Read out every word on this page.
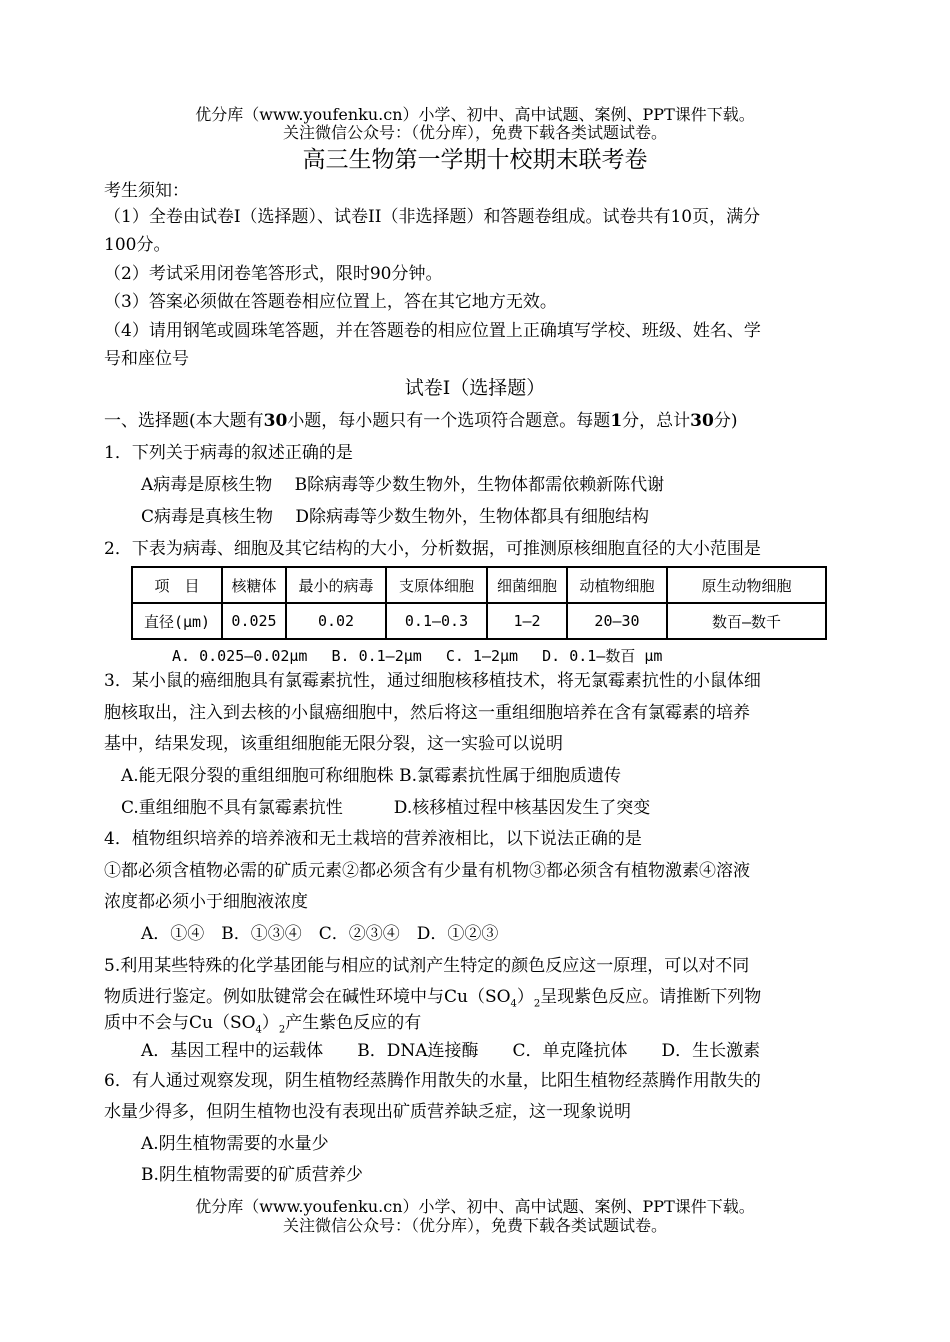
优分库（www.youfenku.cn）小学、初中、高中试题、案例、PPT课件下载。
关注微信公众号：（优分库），免费下载各类试题试卷。
高三生物第一学期十校期末联考卷
考生须知：
（1）全卷由试卷I（选择题）、试卷II（非选择题）和答题卷组成。试卷共有10页，满分
100分。
（2）考试采用闭卷笔答形式，限时90分钟。
（3）答案必须做在答题卷相应位置上，答在其它地方无效。
（4）请用钢笔或圆珠笔答题，并在答题卷的相应位置上正确填写学校、班级、姓名、学
号和座位号
试卷I（选择题）
一、选择题(本大题有30小题，每小题只有一个选项符合题意。每题1分，总计30分)
1．下列关于病毒的叙述正确的是
A病毒是原核生物　 B除病毒等少数生物外，生物体都需依赖新陈代谢
C病毒是真核生物　 D除病毒等少数生物外，生物体都具有细胞结构
2．下表为病毒、细胞及其它结构的大小，分析数据，可推测原核细胞直径的大小范围是
项　目	核糖体	最小的病毒	支原体细胞	细菌细胞	动植物细胞	原生动物细胞
直径(μm)	0.025	0.02	0.1—0.3	1—2	20—30	数百—数千
A. 0.025—0.02μm　 B. 0.1—2μm　 C. 1—2μm　 D. 0.1—数百 μm
3．某小鼠的癌细胞具有氯霉素抗性，通过细胞核移植技术，将无氯霉素抗性的小鼠体细
胞核取出，注入到去核的小鼠癌细胞中，然后将这一重组细胞培养在含有氯霉素的培养
基中，结果发现，该重组细胞能无限分裂，这一实验可以说明
A.能无限分裂的重组细胞可称细胞株 B.氯霉素抗性属于细胞质遗传
C.重组细胞不具有氯霉素抗性　　　D.核移植过程中核基因发生了突变
4．植物组织培养的培养液和无土栽培的营养液相比，以下说法正确的是
①都必须含植物必需的矿质元素②都必须含有少量有机物③都必须含有植物激素④溶液
浓度都必须小于细胞液浓度
A．①④　B．①③④　C．②③④　D．①②③
5.利用某些特殊的化学基团能与相应的试剂产生特定的颜色反应这一原理，可以对不同
物质进行鉴定。例如肽键常会在碱性环境中与$Cu(SO_4)_2$呈现紫色反应。请推断下列物
质中不会与$Cu(SO_4)_2$产生紫色反应的有
A．基因工程中的运载体　　B．DNA连接酶　　C．单克隆抗体　　D．生长激素
6．有人通过观察发现，阴生植物经蒸腾作用散失的水量，比阳生植物经蒸腾作用散失的
水量少得多，但阴生植物也没有表现出矿质营养缺乏症，这一现象说明
A.阴生植物需要的水量少
B.阴生植物需要的矿质营养少
优分库（www.youfenku.cn）小学、初中、高中试题、案例、PPT课件下载。
关注微信公众号：（优分库），免费下载各类试题试卷。
